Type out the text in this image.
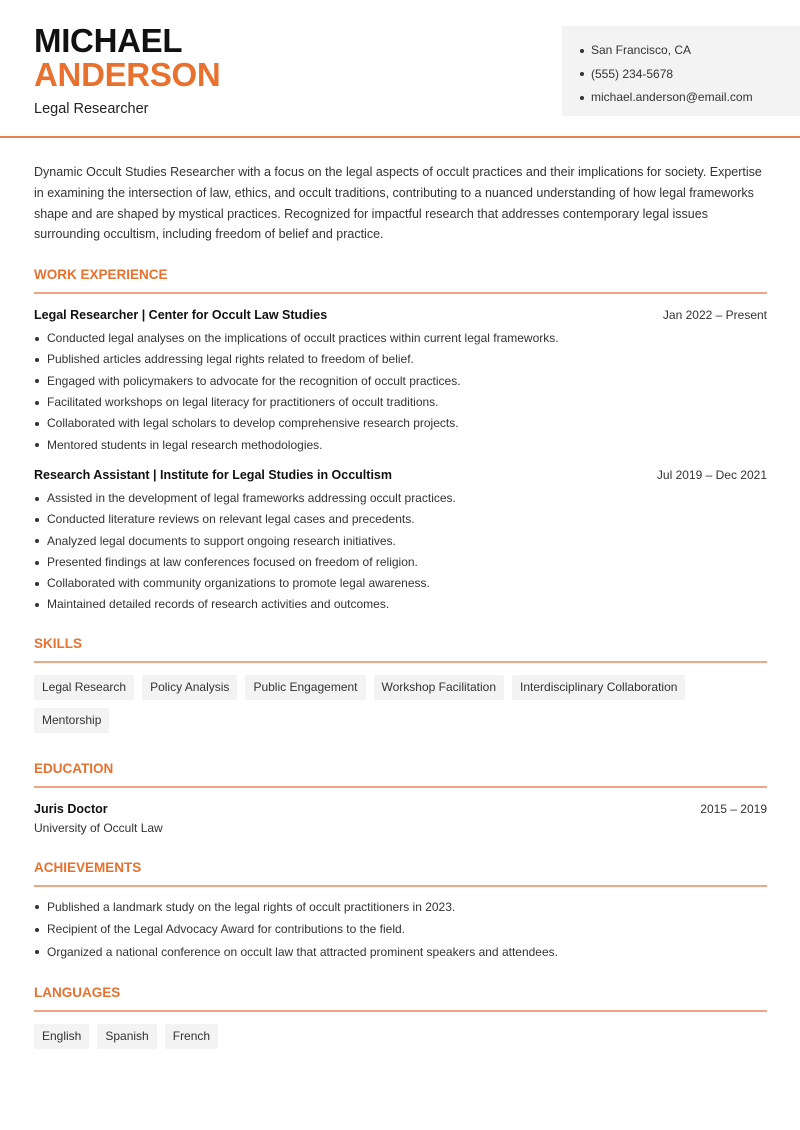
MICHAEL
ANDERSON
Legal Researcher
San Francisco, CA
(555) 234-5678
michael.anderson@email.com

Dynamic Occult Studies Researcher with a focus on the legal aspects of occult practices and their implications for society. Expertise in examining the intersection of law, ethics, and occult traditions, contributing to a nuanced understanding of how legal frameworks shape and are shaped by mystical practices. Recognized for impactful research that addresses contemporary legal issues surrounding occultism, including freedom of belief and practice.

WORK EXPERIENCE
Legal Researcher | Center for Occult Law Studies	Jan 2022 – Present
Conducted legal analyses on the implications of occult practices within current legal frameworks.
Published articles addressing legal rights related to freedom of belief.
Engaged with policymakers to advocate for the recognition of occult practices.
Facilitated workshops on legal literacy for practitioners of occult traditions.
Collaborated with legal scholars to develop comprehensive research projects.
Mentored students in legal research methodologies.
Research Assistant | Institute for Legal Studies in Occultism	Jul 2019 – Dec 2021
Assisted in the development of legal frameworks addressing occult practices.
Conducted literature reviews on relevant legal cases and precedents.
Analyzed legal documents to support ongoing research initiatives.
Presented findings at law conferences focused on freedom of religion.
Collaborated with community organizations to promote legal awareness.
Maintained detailed records of research activities and outcomes.
SKILLS
Legal Research	Policy Analysis	Public Engagement	Workshop Facilitation	Interdisciplinary Collaboration
Mentorship
EDUCATION
Juris Doctor	2015 – 2019
University of Occult Law
ACHIEVEMENTS
Published a landmark study on the legal rights of occult practitioners in 2023.
Recipient of the Legal Advocacy Award for contributions to the field.
Organized a national conference on occult law that attracted prominent speakers and attendees.
LANGUAGES
English	Spanish	French
